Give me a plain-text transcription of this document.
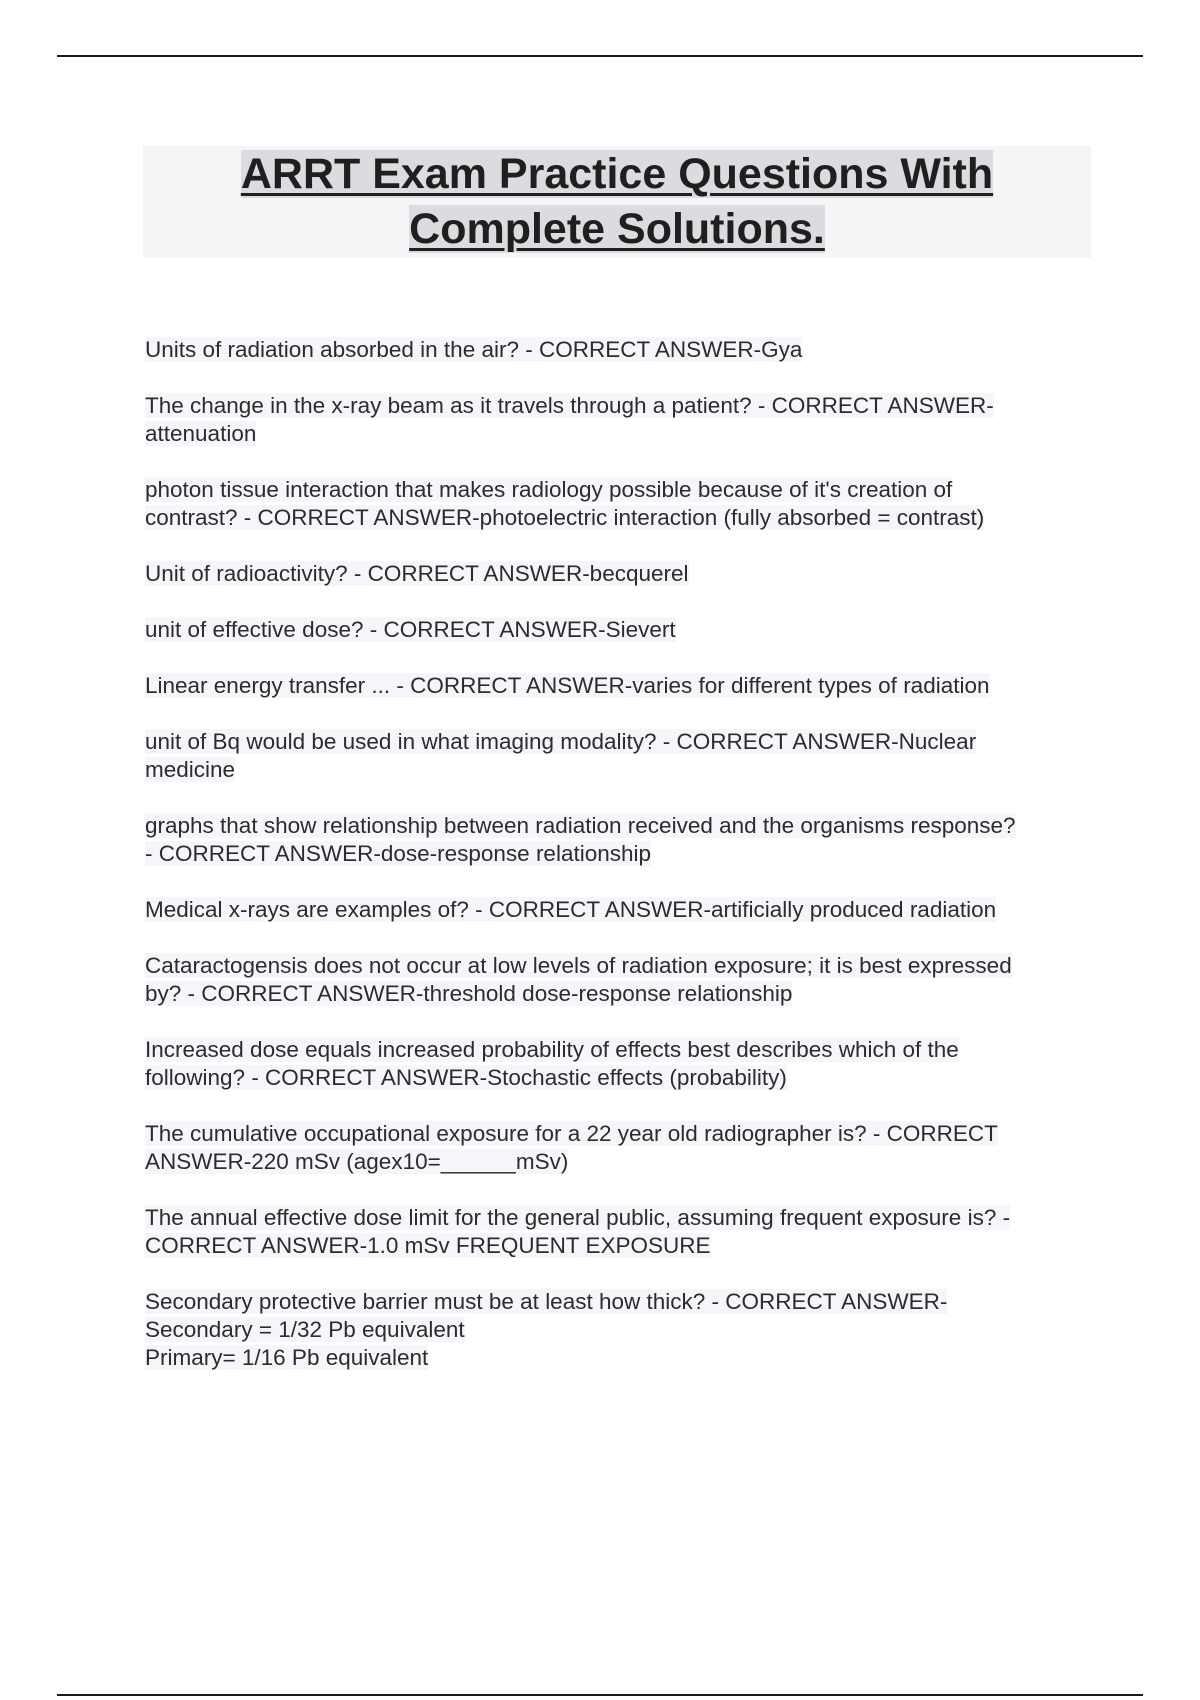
ARRT Exam Practice Questions With
Complete Solutions.
Units of radiation absorbed in the air? - CORRECT ANSWER-Gya
The change in the x-ray beam as it travels through a patient? - CORRECT ANSWER-
attenuation
photon tissue interaction that makes radiology possible because of it's creation of
contrast? - CORRECT ANSWER-photoelectric interaction (fully absorbed = contrast)
Unit of radioactivity? - CORRECT ANSWER-becquerel
unit of effective dose? - CORRECT ANSWER-Sievert
Linear energy transfer ... - CORRECT ANSWER-varies for different types of radiation
unit of Bq would be used in what imaging modality? - CORRECT ANSWER-Nuclear
medicine
graphs that show relationship between radiation received and the organisms response?
- CORRECT ANSWER-dose-response relationship
Medical x-rays are examples of? - CORRECT ANSWER-artificially produced radiation
Cataractogensis does not occur at low levels of radiation exposure; it is best expressed
by? - CORRECT ANSWER-threshold dose-response relationship
Increased dose equals increased probability of effects best describes which of the
following? - CORRECT ANSWER-Stochastic effects (probability)
The cumulative occupational exposure for a 22 year old radiographer is? - CORRECT
ANSWER-220 mSv (agex10=______mSv)
The annual effective dose limit for the general public, assuming frequent exposure is? -
CORRECT ANSWER-1.0 mSv FREQUENT EXPOSURE
Secondary protective barrier must be at least how thick? - CORRECT ANSWER-
Secondary = 1/32 Pb equivalent
Primary= 1/16 Pb equivalent
